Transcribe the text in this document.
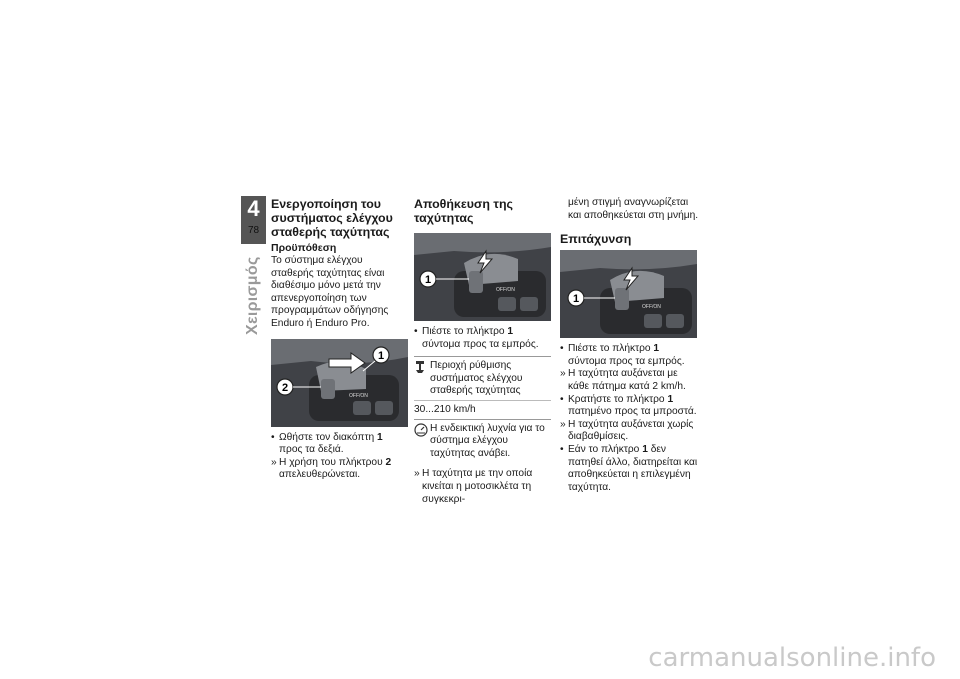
4
78
Χειρισμός
Ενεργοποίηση του συστήματος ελέγχου σταθερής ταχύτητας
Προϋπόθεση

Το σύστημα ελέγχου σταθερής ταχύτητας είναι διαθέσιμο μόνο μετά την απενεργοποίηση των προγραμμάτων οδήγησης Enduro ή Enduro Pro.

1
2
OFF/ON

• Ωθήστε τον διακόπτη 1 προς τα δεξιά.

» Η χρήση του πλήκτρου 2 απελευθερώνεται.

Αποθήκευση της ταχύτητας
1
OFF/ON

• Πιέστε το πλήκτρο 1 σύντομα προς τα εμπρός.

Περιοχή ρύθμισης συστήματος ελέγχου σταθερής ταχύτητας
30...210 km/h
Η ενδεικτική λυχνία για το σύστημα ελέγχου ταχύτητας ανάβει.

» Η ταχύτητα με την οποία κινείται η μοτοσικλέτα τη συγκεκρι-

μένη στιγμή αναγνωρίζεται και αποθηκεύεται στη μνήμη.

Επιτάχυνση
1
OFF/ON

• Πιέστε το πλήκτρο 1 σύντομα προς τα εμπρός.

» Η ταχύτητα αυξάνεται με κάθε πάτημα κατά 2 km/h.

• Κρατήστε το πλήκτρο 1 πατημένο προς τα μπροστά.

» Η ταχύτητα αυξάνεται χωρίς διαβαθμίσεις.

• Εάν το πλήκτρο 1 δεν πατηθεί άλλο, διατηρείται και αποθηκεύεται η επιλεγμένη ταχύτητα.

carmanualsonline.info
